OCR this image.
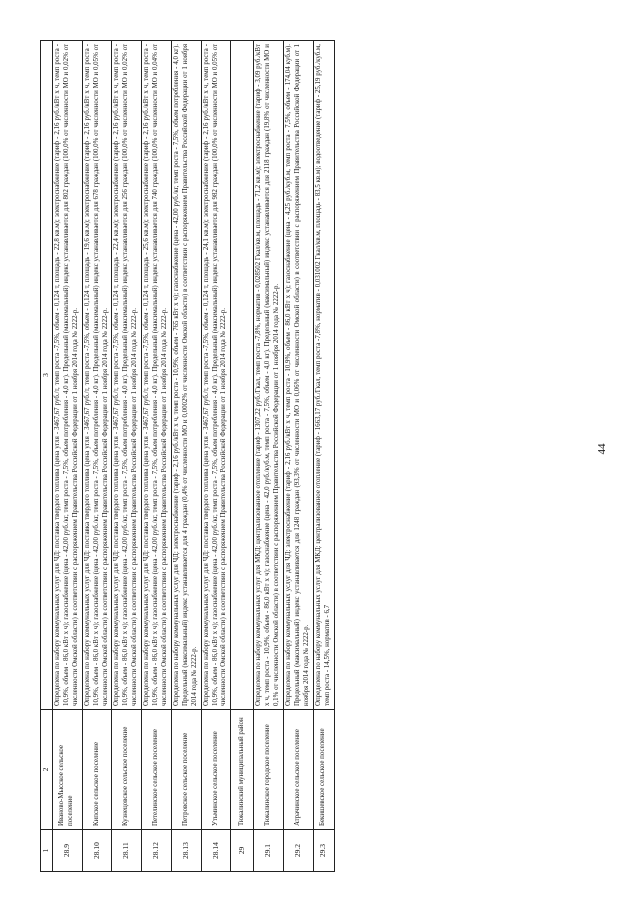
44
1	2	3
28.9	Ивановo-Мысское сельское поселение	Определена по набору коммунальных услуг для ЧД: поставка твердого топлива (цена угля - 3467,67 руб./т, темп роста -7,5%, объем - 0,124 т, площадь - 22,8 кв.м); электроснабжение (тариф - 2,16 руб./кВт х ч, темп роста - 10,9%, объем - 86,0 кВт х ч); газоснабжение (цена - 42,00 руб./кг, темп роста - 7,5%, объем потребления - 4,0 кг). Предельный (максимальный) индекс устанавливается для 802 граждан (100,0% от численности МО и 0,02% от численности Омской области) в соответствии с распоряжением Правительства Российской Федерации от 1 ноября 2014 года № 2222-р.
28.10	Кипское сельское поселение	Определена по набору коммунальных услуг для ЧД: поставка твердого топлива (цена угля - 3467,67 руб./т, темп роста -7,5%, объем - 0,124 т, площадь - 19,6 кв.м); электроснабжение (тариф - 2,16 руб./кВт х ч, темп роста - 10,9%, объем - 86,0 кВт х ч); газоснабжение (цена - 42,00 руб./кг, темп роста - 7,5%, объем потребления - 4,0 кг). Предельный (максимальный) индекс устанавливается для 678 граждан (100,0% от численности МО и 0,05% от численности Омской области) в соответствии с распоряжением Правительства Российской Федерации от 1 ноября 2014 года № 2222-р.
28.11	Кузнецовское сельское поселение	Определена по набору коммунальных услуг для ЧД: поставка твердого топлива (цена угля - 3467,67 руб./т, темп роста -7,5%, объем - 0,124 т, площадь - 22,4 кв.м); электроснабжение (тариф - 2,16 руб./кВт х ч, темп роста - 10,9%, объем - 86,0 кВт х ч); газоснабжение (цена - 42,00 руб./кг, темп роста - 7,5%, объем потребления - 4,0 кг). Предельный (максимальный) индекс устанавливается для 256 граждан (100,0% от численности МО и 0,02% от численности Омской области) в соответствии с распоряжением Правительства Российской Федерации от 1 ноября 2014 года № 2222-р.
28.12	Петелинское сельское поселение	Определена по набору коммунальных услуг для ЧД: поставка твердого топлива (цена угля - 3467,67 руб./т, темп роста -7,5%, объем - 0,124 т, площадь - 25,6 кв.м); электроснабжение (тариф - 2,16 руб./кВт х ч, темп роста - 10,9%, объем - 86,0 кВт х ч); газоснабжение (цена - 42,00 руб./кг, темп роста - 7,5%, объем потребления - 4,0 кг). Предельный (максимальный) индекс устанавливается для 740 граждан (100,0% от численности МО и 0,04% от численности Омской области) в соответствии с распоряжением Правительства Российской Федерации от 1 ноября 2014 года № 2222-р.
28.13	Петровское сельское поселение	Определена по набору коммунальных услуг для ЧД: электроснабжение (тариф - 2,16 руб./кВт х ч, темп роста - 10,9%, объем - 765 кВт х ч); газоснабжение (цена - 42,00 руб./кг, темп роста - 7,5%, объем потребления - 4,0 кг). Предельный (максимальный) индекс устанавливается для 4 граждан (0,4% от численности МО и 0,0002% от численности Омской области) в соответствии с распоряжением Правительства Российской Федерации от 1 ноября 2014 года № 2222-р.
28.14	Утьминское сельское поселение	Определена по набору коммунальных услуг для ЧД: поставка твердого топлива (цена угля - 3467,67 руб./т, темп роста -7,5%, объем - 0,124 т, площадь - 24,1 кв.м); электроснабжение (тариф - 2,16 руб./кВт х ч, темп роста - 10,9%, объем - 86,0 кВт х ч); газоснабжение (цена - 42,00 руб./кг, темп роста - 7,5%, объем потребления - 4,0 кг). Предельный (максимальный) индекс устанавливается для 982 граждан (100,0% от численности МО и 0,05% от численности Омской области) в соответствии с распоряжением Правительства Российской Федерации от 1 ноября 2014 года № 2222-р.
29	Тюкалинский муниципальный район	
29.1	Тюкалинское городское поселение	Определена по набору коммунальных услуг для МКД: централизованное отопление (тариф - 1307,22 руб./Гкал, темп роста -7,8%, норматив - 0,028502 Гкал/кв.м, площадь - 71,2 кв.м); электроснабжение (тариф - 3,09 руб./кВт х ч, темп роста - 10,9%, объем - 86,0 кВт х ч); газоснабжение (цена - 42,0 руб./куб.м, темп роста - 7,5%, объем - 4,0 кг). Предельный (максимальный) индекс устанавливается для 2118 граждан (19,8% от численности МО и 0,1% от численности Омской области) в соответствии с распоряжением Правительства Российской Федерации от 1 ноября 2014 года № 2222-р.
29.2	Атрачинское сельское поселение	Определена по набору коммунальных услуг для ЧД: электроснабжение (тариф - 2,16 руб./кВт х ч, темп роста - 10,9%, объем - 86,0 кВт х ч); газоснабжение (цена - 4,25 руб./куб.м, темп роста - 7,5%, объем - 174,04 куб.м). Предельный (максимальный) индекс устанавливается для 1248 граждан (93,3% от численности МО и 0,06% от численности Омской области) в соответствии с распоряжением Правительства Российской Федерации от 1 ноября 2014 года № 2222-р.
29.3	Бекишевское сельское поселение	Определена по набору коммунальных услуг для МКД: централизованное отопление (тариф - 1663,17 руб./Гкал, темп роста -7,8%, норматив - 0,031002 Гкал/кв.м, площадь - 83,5 кв.м); водоотведение (тариф - 25,19 руб./куб.м, темп роста - 14,5%, норматив - 6,7
